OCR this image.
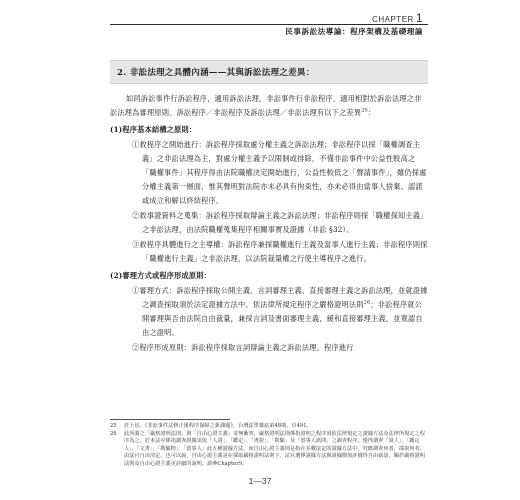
CHAPTER 1
民事訴訟法導論：程序架構及基礎理論
2. 非訟法理之具體內涵——其與訴訟法理之差異：

如同訴訟事件行訴訟程序，適用訴訟法理，非訟事件行非訟程序，適用相對於訴訟法理之非訟法理為審理原則。訴訟程序／非訟程序及訴訟法理／非訟法理有以下之差異$^{25}$：

(1)程序基本結構之原則：

①救程序之開始進行：訴訟程序採取處分權主義之訴訟法理；非訟程序以採「職權調查主義」之非訟法理為主，對處分權主義予以限制或排除，不僅非訟事件中公益性較高之「職權事件」其程序得由法院職權決定開始進行，公益性較低之「聲請事件」，雖仍採處分權主義第一層面，惟其聲明對法院亦未必具有拘束性，亦未必得由當事人捨棄、認諾或成立和解以終結程序。

②救事證資料之蒐集：訴訟程序採取辯論主義之訴訟法理；非訟程序則採「職權探知主義」之非訟法理，由法院職權蒐集程序相關事實及證據（非訟 §32）。

③救程序具體進行之主導權：訴訟程序兼採職權進行主義及當事人進行主義；非訟程序則採「職權進行主義」之非訟法理，以法院裁量權之行使主導程序之進行。

(2)審理方式或程序形成原則：

①審理方式：訴訟程序採取公開主義、言詞審理主義、直接審理主義之訴訟法理，並就證據之調查採取須於法定證據方法中、依法律所規定程序之嚴格證明法則$^{26}$；非訟程序就公開審理與否由法院自由裁量，兼採言詞及書面審理主義，緩和直接審理主義，並寬認自由之證明。

②程序形成原則：訴訟程序採取言詞辯論主義之訴訟法理，程序進行

25	許士宦，《非訟事件法修正後程序保障之新課題》，台灣法學雜誌第48期，頁491。
26	此所謂之「嚴格證明法則」與「自由心證主義」並無衝突，嚴格證明法則係指證明之程序須依法律規定之證據方法及法律所規定之程序為之，於本法中係指調查證據須依「人證」、「鑑定」、「書證」、「勘驗」及「當事人訊問」之調查程序，僅得調查「證人」、「鑑定人」、「文書」、「勘驗物」、「當事人」此五種證據方法，而自由心證主義則是指在多數法定的證據方法中，究應調查何者，採取何者，由法官自由決定。也可以說，自由心證主義是在採取嚴格證明法則下，法官選擇證據方法與證據價值評價得自由裁量，關於嚴格證明法則及自由心證主義更詳細的說明，請參Chapter9。
1—37
